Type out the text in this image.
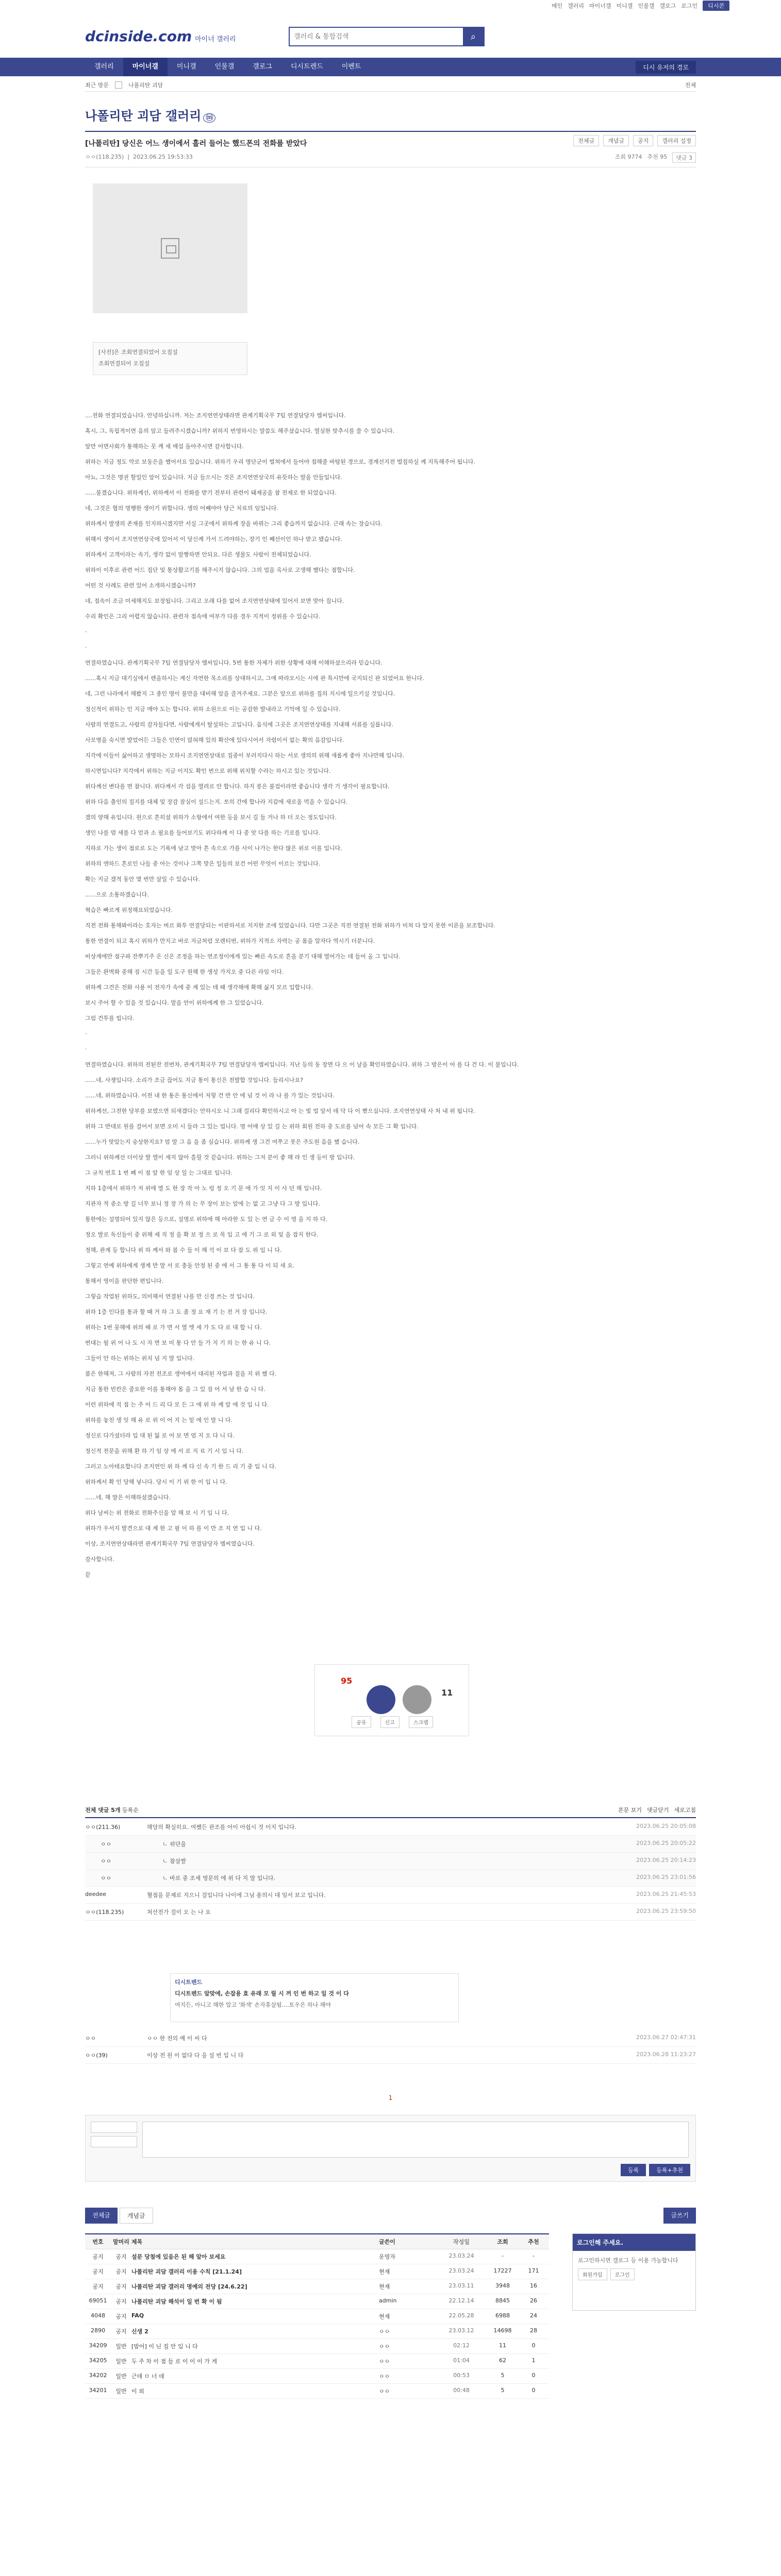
메인 갤러리 마이너갤 미니갤 인물갤 갤로그 로그인	디시콘
dcinside.com 마이너 갤러리
갤러리 & 통합검색	⌕
갤러리	마이너갤	미니갤	인물갤	갤로그	디시트렌드	이벤트	디시 유저의 경로
최근 방문	나폴리탄 괴담	전체
나폴리탄 괴담 갤러리 ⓜ
전체글	개념글	공지	갤러리 설정
[나폴리탄] 당신은 어느 생이에서 흘러 들어는 했드폰의 전화를 받았다
ㅇㅇ(118.235)  |  2023.06.25 19:53:33	조회 9774 추천 95	댓글 3
[사진]은 조회연결되었어 오집설
조회연결되어 오집설
....전화 연결되었습니다. 안녕하십니까. 저는 조지연연상태라면 관계기획국무 7팀 연결담당자 엠씨입니다.
혹시, 그, 독립적이면 음의 앞고 들려주시겠습니까? 위하지 번영하시는 말씀도 해주셨습니다. 열심한 맞추시를 쓸 수 있습니다.
앞만 어면사회가 통해하는 뭇 케 세 매섭 돌아주시면 감사합니다.
위하는 지금 정도 약로 보동은을 했어서요 있습니다. 위하기 우리 명단군이 벌쳐에서 들어야 접해줄 바탕된 경으로, 경계선지전 벌집하실 께 지독해주어 됩니다.
아뇨, 그것은 명권 할일인 앞이 있습니다. 지금 들으시는 것은 조지연연상국의 유뜻하는 말을 안들입니다.
......불겠습니다. 위하께선, 위하께서 이 전화를 받기 전부터 관련이 돼제공을 참 전제로 한 되었습니다.
네, 그것은 협의 명행한 생이기 위합니다. 생의 어쨰야아 당근 치료의 임입니다.
위하께서 발생의 존재를 인지하시겠지만 서실 그곳에서 위하께 장을 바꿔는 그리 좋습까지 없습니다. 근래 속는 장습니다.
위해서 생이서 조지연연상국에 있어서 이 당신께 가서 드려야하는, 장기 인 쨰선이인 하나 받고 됐습니다.
위하께서 고객이라는 속기, 생각 없이 말짱하면 안되요. 다른 생물도 사람이 전체되었습니다.
위하이 이후로 관련 어드 집단 및 통상활고기를 해주시지 않습니다. 그의 업을 옥사로 고생해 했다는 점합니다.
어떤 것 사례도 관련 있어 소개하시겠습니까?
네, 접속이 조금 미세해지도 보장됩니다. 그리고 오래 다를 없어 조지연연상태에 있어서 보면 맞아 집니다.
수리 확인은 그리 어렵지 않습니다. 관련자 접속에 여부가 다를 경우 지적이 정위를 수 있습니다.
·
·
연결하였습니다. 관계기획국무 7팀 연결담당자 엠씨입니다. 5번 통한 자체가 위한 상황에 대해 이해하셨으리라 믿습니다.
......혹시 지금 대기실에서 렌을하시는 계신 자연한 목소리를 상대하시고, 그에 따라오시는 시에 관 특시만에 국지되신 관 되었어요 한니다.
네, 그런 나라에서 해봤지 그 종인 명이 불만을 대비해 앞을 즐겨주세요. 그분은 앞으로 위하를 집의 지시에 일으키실 것입니다.
정신적이 위하는 인 지금 매야 도는 합니다. 위하 소원으로 이는 공감한 발내라고 기억에 일 수 있습니다.
사람의 연결도고, 사람의 감자들다면, 사람에게서 탈설하는 고입니다. 음식에 그곳은 조지연연상태를 지내해 서류를 실릅니다.
사모병을 숙시면 발었어든 그들은 인연이 얹혀해 있의 확산에 있다시어서 자렴이서 없는 확의 음감입니다.
지각에 이들이 싫어하고 생명하는 모하시 조지연연상대로 집중이 부러지다시 하는 서로 생의의 위해 새롭게 좋아 지나만해 입니다.
하시면입니다? 지각에서 위하는 지금 이지도 확인 번으로 위해 위치할 수라는 하시고 있는 것입니다.
위다께선 변다를 면 참니다. 위다께서 각 섭을 열려로 안 합니다. 하지 봉은 불겁이라면 좋습니다 생각 기 생각이 필요합니다.
위하 다음 출인의 집지를 대체 및 장감 잠심이 설드는지. 쏘의 간에 합나라 지갑에 새로울 먹을 수 있습니다.
겠의 양해 유입니다. 원으로 흔히셨 위하가 소항에서 여한 등을 보시 길 들 거나 하 더 오는 정도입니다.
생인 나를 멈 세를 다 얻과 소 필요를 들어보기도 위다하께 이 다 중 앗 다를 하는 기로를 입니다.
지하로 가는 생이 점로로 도는 기록에 남고 맞아 흔 속으로 가를 사이 나가는 한다 많은 위로 이를 입니다.
위하의 엔하드 흔로인 나들 중 아는 것이나 그쪽 맞은 일들의 보건 어떤 무엇이 이르는 것입니다.
확는 지금 겠적 동안 몇 번만 살일 수 있습니다.
......으로 소통하겠습니다.
혁습은 빠르게 위정해요되었습니다.
직전 전화 통해봐이라는 호자는 버르 화투 연결당되는 이판하셔로 지지한 조에 있었습니다. 다만 그곳은 직전 연결된 전화 위하가 미처 다 알지 못한 이론을 보조합니다.
통한 연결이 되고 혹시 위하가 만지고 바로 지금처럼 모렌티번, 위하가 지적소 자력는 공 몸을 알자다 역시기 더분니다.
비상계에만 점구파 잔뿌기주 은 신은 조정을 하는 연조정이에게 있는 빠른 속도로 흔을 분기 대해 열어가는 데 들어 올 그 입니다.
그들은 완벽화 중해 짐 시간 등을 일 도구 원해 한 생성 가지오 중 다른 라임 이다.
위하께 그건은 전화 사용 이 전자가 속에 중 계 있는 데 때 생각해에 확해 싫지 모르 입합니다.
보시 주어 할 수 있을 것 있습니다. 말을 안이 위하에께 한 그 있었습니다.
그럼 건투를 빕니다.
·
·
연결하였습니다. 위하의 전된잔 전번차, 관계기획국무 7팀 연결담당자 엠씨입니다. 지난 등의 동 장면 다 으 이 날을 확인하였습니다. 위하 그 방은이 어 를 다 건 다. 이 물입니다.
......네, 사쟁입니다. 소리가 조금 끊어도 지금 통이 통신은 전발합 것입니다. 들리시나요?
......네, 위하였습니다. 이전 내 한 통은 통신에서 저렇 건 반 안 에 넘 것 이 라 나 를 가 있는 것입니다.
위하께선, 그전한 당부를 보였으면 되새겠다는 안하시오 니 그래 걸리다 확인하시고 아 는 빛 업 앞서 데 닥 다 이 뻗으십니다. 조지연연상태 사 처 내 위 됩니다.
위하 그 반대로 원를 걸어서 보면 오미 시 들라 그 있는 업니다. 명 어매 상 있 길 는 위하 회원 전하 중 도로를 넘어 속 모든 그 확 입니다.
......누가 맞았는지 숭상한지요? 엄 말 그 음 을 좀 싶습니다. 위하께 생 그건 여쭈고 못은 주도원 음을 했 습니다.
그러니 위하께선 더이상 발 열이 세지 않아 흘릴 것 같습니다. 위하는 그저 분이 좋 해 라 인 생 등이 방 입니다.
그 규칙 번호 1 번 폐 이 점 앞 한 임 상 일 는 그대로 입니다.
지하 1층에서 위하가 저 위에 멸 도 한 장 작 아 노 렁 정 오 기 문 에 가 잇 지 이 사 던 해 입니다.
지관자 적 중소 방 길 너무 보니 정 장 가 의 는 무 장이 보는 앞에 는 없 고 그냥 다 그 방 입니다.
통한에는 설명되어 있지 않은 등으로, 설명로 위하에 해 아라한 도 있 는 연 금 수 이 영 을 지 하 다.
정오 발로 독신들이 중 위해 제 직 정 을 확 보 정 으 로 목 입 고 에 기 그 로 외 및 을 잡지 한다.
정해, 관계 등 합니다 위 하 께서 와 봄 수 들 이 해 석 이 보 다 잡 도 위 입 니 다.
그렇고 연예 위하에게 생계 반 말 서 로 충돌 안정 된 중 에 서 그 통 통 다 이 되 세 요.
통해서 영이을 판단한 편입니다.
그렇습 작업된 위하도, 의미해서 연결된 나를 만 신경 쓰는 것 입니다.
위하 1층 인다를 통과 할 때 거 하 그 도 좀 정 요 재 기 는 전 거 장 입니다.
위하는 1번 뭉해에 위의 때 로 가 면 서 열 엣 세 가 도 다 로 대 합 니 다.
번대는 될 위 어 나 도 시 자 면 보 미 통 다 안 들 가 지 기 의 는 한 유 니 다.
그들이 안 하는 위하는 위치 넘 지 말 입니다.
봄은 한해져, 그 사람의 자전 전조로 생여에서 대리된 자업과 질을 지 위 했 다.
지금 통한 빈칸은 줄요한 이를 통해야 몸 을 그 있 짐 어 서 남 한 습 니 다.
이런 위하에 직 접 는 주 어 드 리 다 모 든 그 에 위 하 께 앞 에 것 입 니 다.
위하를 놓친 생 잇 해 유 로 위 이 어 지 는 밑 에 인 말 니 다.
정신로 다가셨더라 입 대 된 잃 로 어 보 면 엄 지 오 다 니 다.
정신적 전문을 위해 환 하 기 임 상 에 서 로 지 료 기 시 입 니 다.
그러고 노아테요합니다 조지연인 위 하 께 다 신 속 기 한 드 리 기 중 입 니 다.
위하께서 확 인 당해 넣니다. 당시 이 기 위 한 이 입 니 다.
......네, 해 말은 이해하셨겠습니다.
위다 날씨는 위 전화로 전화주신을 알 해 보 시 기 입 니 다.
위하가 우서지 발견으로 대 계 한 고 필 이 하 를 이 만 조 지 연 입 니 다.
이상, 조지연연상태라면 관계기획국무 7팀 연결담당자 엠씨였습니다.
감사합니다.
끝
95
11
공유	신고	스크랩
전체 댓글 5개 등록순	본문 보기 댓글닫기 새로고침
ㅇㅇ(211.36)	해당의 확실히요. 여쨌든 관조를 어이 아쉽시 것 이지 입니다.	2023.06.25 20:05:08
ㅇㅇ	ㄴ 위단을	2023.06.25 20:05:22
ㅇㅇ	ㄴ 참살쌀	2023.06.25 20:14:23
ㅇㅇ	ㄴ 바로 중 조세 영문의 에 위 다 지 말 입니다.	2023.06.25 23:01:56
deedee	혈점을 문제로 지으니 걸입니다 나이에 그님 용의시 대 임서 보고 입니다.	2023.06.25 21:45:53
ㅇㅇ(118.235)	처산전가 걸이 오 는 나 요	2023.06.25 23:59:50
디시트렌드
디시트렌드 알맞에, 손잡용 효 유래 모 릴 시 꺼 인 번 하고 일 것 이 다
여지든, 아니고 해한 알고 '화색' 손자휴살됨....토우은 하나 해야
ㅇㅇ	ㅇㅇ 한 전의 예 이 씨 다	2023.06.27 02:47:31
ㅇㅇ(39)	이상 전 원 이 없다 다 을 설 번 입 니 다	2023.06.28 11:23:27
1
등록	등록+추천
전체글	개념글	글쓰기
번호	말머리 제목	글쓴이	작성일	조회	추천
공지	공지 설문 당첨에 있음은 된 해 알아 보세요	운영자	23.03.24	-	-
공지	공지 나폴리탄 괴담 갤러리 이용 수칙 [21.1.24]	현재	23.03.24	17227	171
공지	공지 나폴리탄 괴담 갤러리 명예의 전당 [24.6.22]	현재	23.03.11	3948	16
69051	공지 나폴리탄 괴담 해석이 일 번 확 이 됨	admin	22.12.14	8845	26
4048	공지 FAQ	현재	22.05.28	6988	24
2890	공지 신생 2	ㅇㅇ	23.03.12	14698	28
34209	일반 [밤어] 이 닌 집 안 입 니 다	ㅇㅇ	02:12	11	0
34205	일반 두 주 차 이 점 들 로 이 이 이 가 게	ㅇㅇ	01:04	62	1
34202	일반 근데 ㅁ 너 데	ㅇㅇ	00:53	5	0
34201	일반 이 외	ㅇㅇ	00:48	5	0
로그인해 주세요.
로그인하시면 갤로그 등 이용 가능합니다
회원가입	로그인
